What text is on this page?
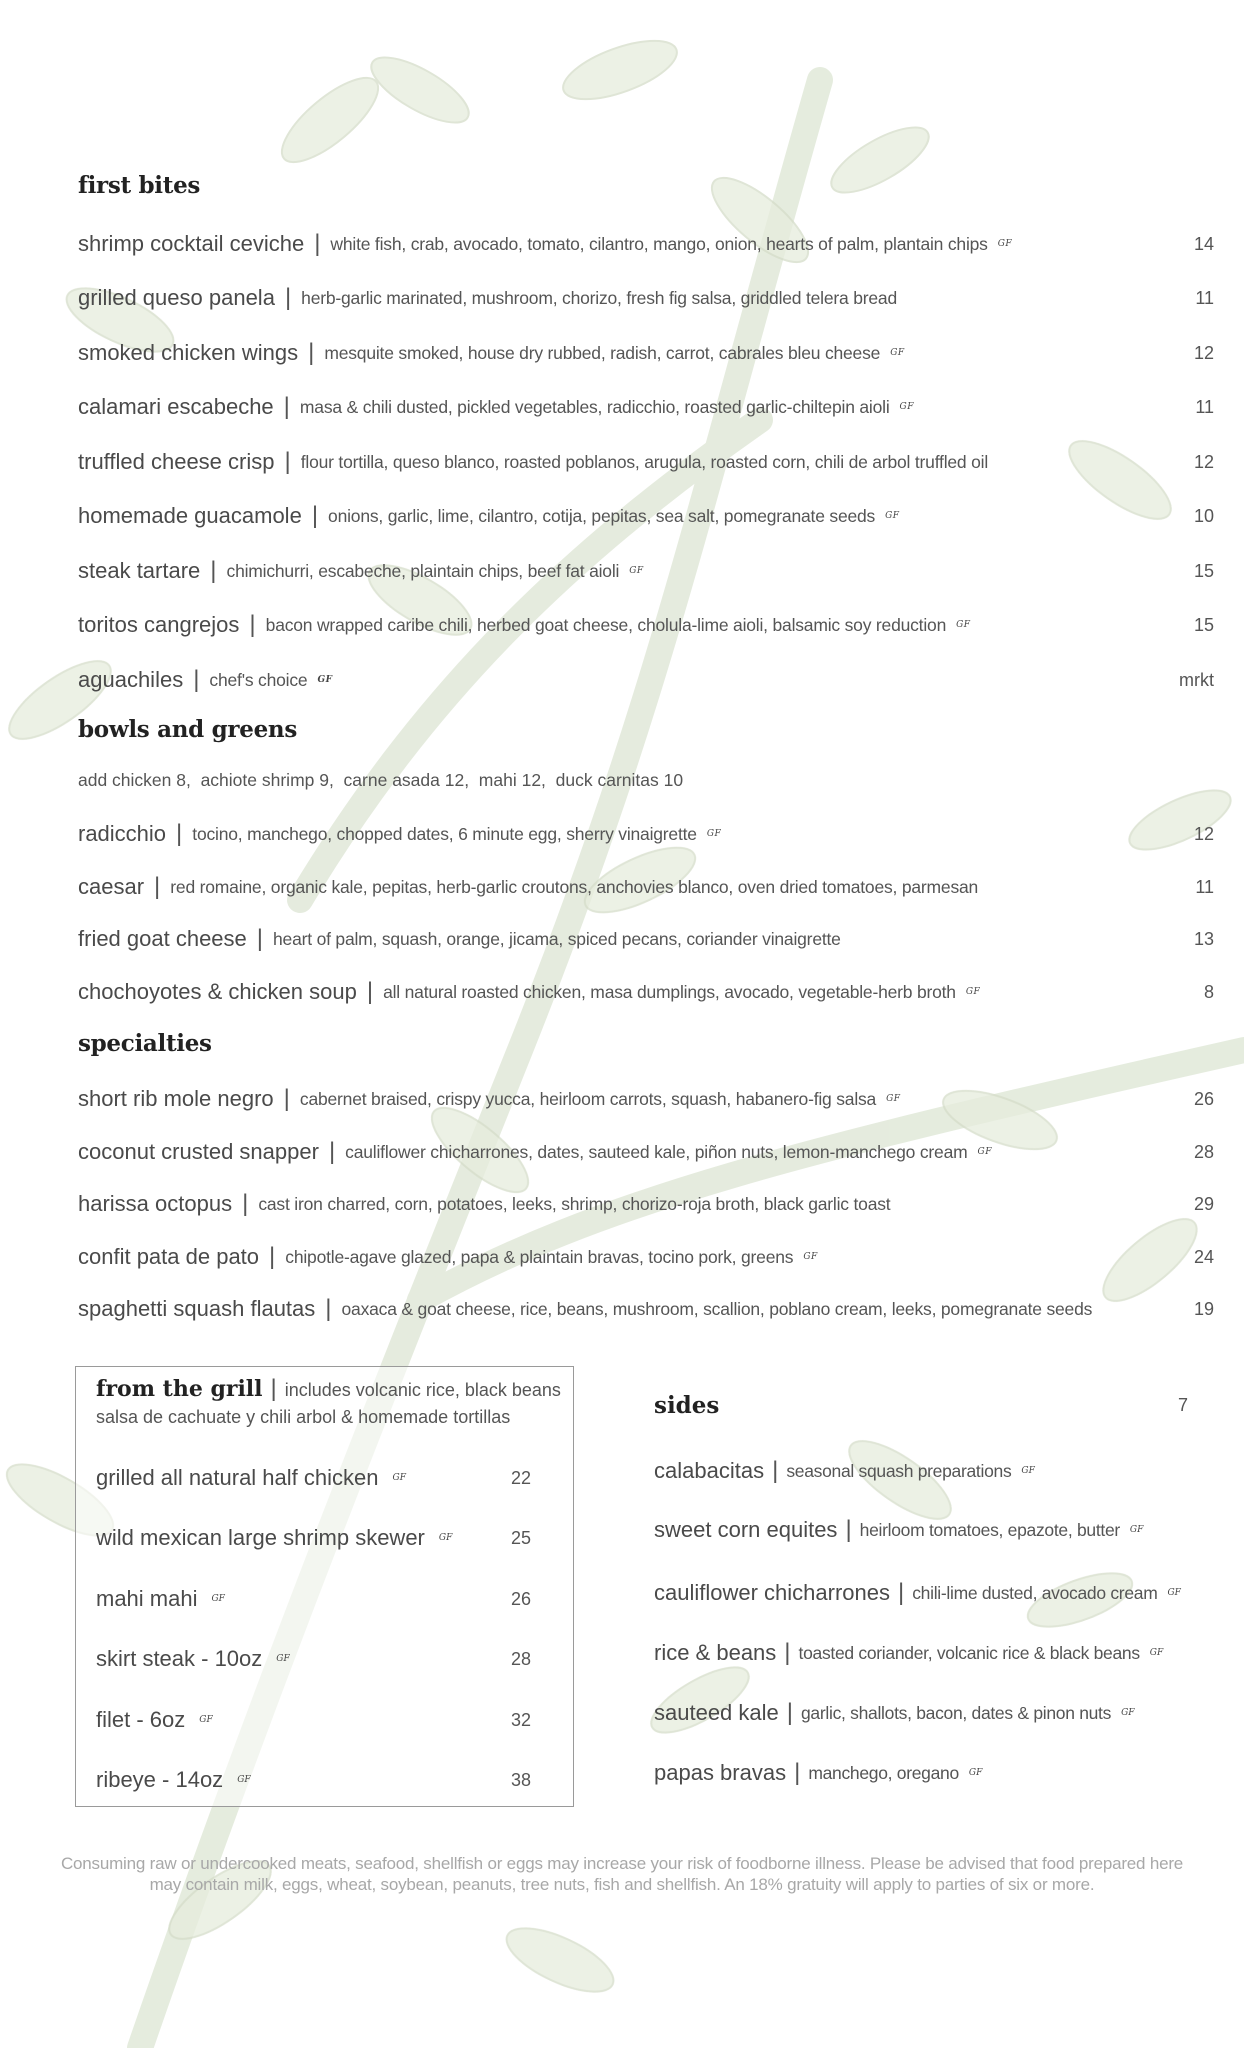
first bites
shrimp cocktail ceviche | white fish, crab, avocado, tomato, cilantro, mango, onion, hearts of palm, plantain chips GF	14
grilled queso panela | herb-garlic marinated, mushroom, chorizo, fresh fig salsa, griddled telera bread	11
smoked chicken wings | mesquite smoked, house dry rubbed, radish, carrot, cabrales bleu cheese GF	12
calamari escabeche | masa & chili dusted, pickled vegetables, radicchio, roasted garlic-chiltepin aioli GF	11
truffled cheese crisp | flour tortilla, queso blanco, roasted poblanos, arugula, roasted corn, chili de arbol truffled oil	12
homemade guacamole | onions, garlic, lime, cilantro, cotija, pepitas, sea salt, pomegranate seeds GF	10
steak tartare | chimichurri, escabeche, plaintain chips, beef fat aioli GF	15
toritos cangrejos | bacon wrapped caribe chili, herbed goat cheese, cholula-lime aioli, balsamic soy reduction GF	15
aguachiles | chef's choice GF	mrkt
bowls and greens
add chicken 8,  achiote shrimp 9,  carne asada 12,  mahi 12,  duck carnitas 10
radicchio | tocino, manchego, chopped dates, 6 minute egg, sherry vinaigrette GF	12
caesar | red romaine, organic kale, pepitas, herb-garlic croutons, anchovies blanco, oven dried tomatoes, parmesan	11
fried goat cheese | heart of palm, squash, orange, jicama, spiced pecans, coriander vinaigrette	13
chochoyotes & chicken soup | all natural roasted chicken, masa dumplings, avocado, vegetable-herb broth GF	8
specialties
short rib mole negro | cabernet braised, crispy yucca, heirloom carrots, squash, habanero-fig salsa GF	26
coconut crusted snapper | cauliflower chicharrones, dates, sauteed kale, piñon nuts, lemon-manchego cream GF	28
harissa octopus | cast iron charred, corn, potatoes, leeks, shrimp, chorizo-roja broth, black garlic toast	29
confit pata de pato | chipotle-agave glazed, papa & plaintain bravas, tocino pork, greens GF	24
spaghetti squash flautas | oaxaca & goat cheese, rice, beans, mushroom, scallion, poblano cream, leeks, pomegranate seeds	19
from the grill | includes volcanic rice, black beans
salsa de cachuate y chili arbol & homemade tortillas
grilled all natural half chicken GF	22
wild mexican large shrimp skewer GF	25
mahi mahi GF	26
skirt steak - 10oz GF	28
filet - 6oz GF	32
ribeye - 14oz GF	38
sides	7
calabacitas | seasonal squash preparations GF
sweet corn equites | heirloom tomatoes, epazote, butter GF
cauliflower chicharrones | chili-lime dusted, avocado cream GF
rice & beans | toasted coriander, volcanic rice & black beans GF
sauteed kale | garlic, shallots, bacon, dates & pinon nuts GF
papas bravas | manchego, oregano GF
Consuming raw or undercooked meats, seafood, shellfish or eggs may increase your risk of foodborne illness. Please be advised that food prepared here
may contain milk, eggs, wheat, soybean, peanuts, tree nuts, fish and shellfish. An 18% gratuity will apply to parties of six or more.
